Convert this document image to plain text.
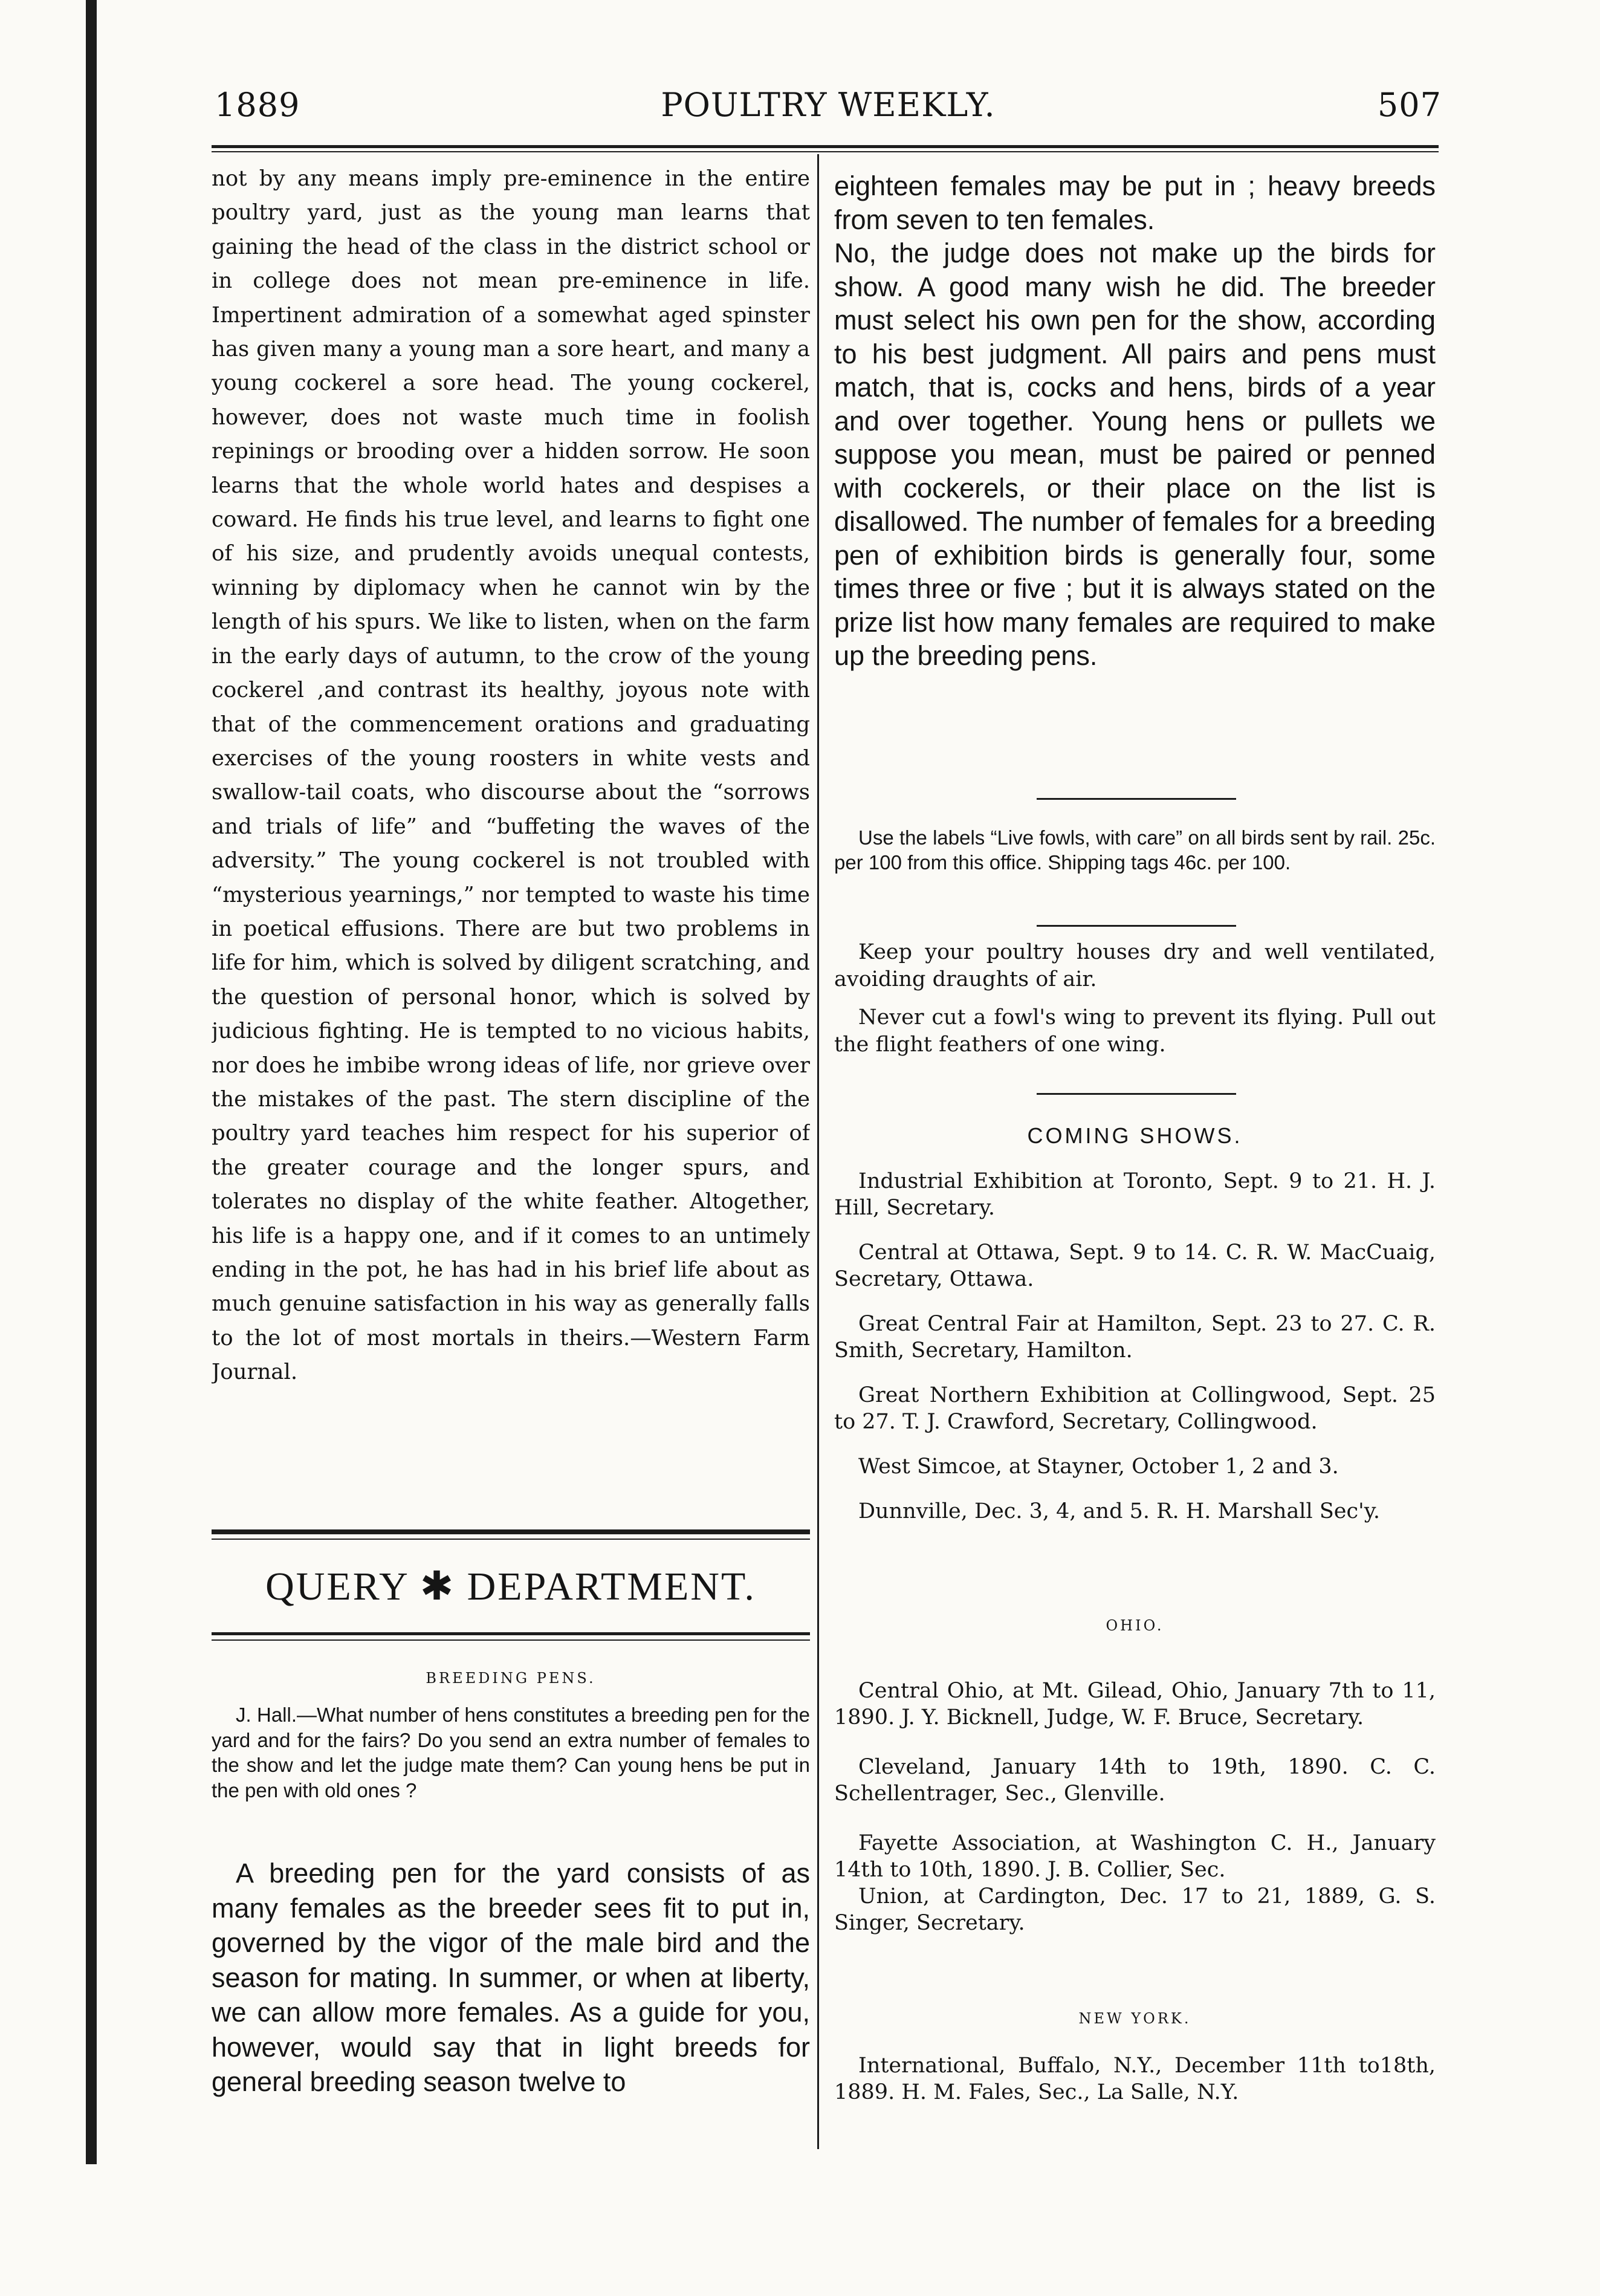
1889	POULTRY WEEKLY.	507

not by any means imply pre-eminence in the entire poultry yard, just as the young man learns that gaining the head of the class in the district school or in college does not mean pre-eminence in life. Impertinent admiration of a somewhat aged spinster has given many a young man a sore heart, and many a young cockerel a sore head. The young cockerel, however, does not waste much time in foolish repinings or brooding over a hidden sorrow. He soon learns that the whole world hates and despises a coward. He finds his true level, and learns to fight one of his size, and prudently avoids unequal contests, winning by diplomacy when he cannot win by the length of his spurs. We like to listen, when on the farm in the early days of autumn, to the crow of the young cockerel ,and contrast its healthy, joyous note with that of the commencement orations and graduating exercises of the young roosters in white vests and swallow-tail coats, who discourse about the “sorrows and trials of life” and “buffeting the waves of the adversity.” The young cockerel is not troubled with “mysterious yearnings,” nor tempted to waste his time in poetical effusions. There are but two problems in life for him, which is solved by diligent scratching, and the question of personal honor, which is solved by judicious fighting. He is tempted to no vicious habits, nor does he imbibe wrong ideas of life, nor grieve over the mistakes of the past. The stern discipline of the poultry yard teaches him respect for his superior of the greater courage and the longer spurs, and tolerates no display of the white feather. Altogether, his life is a happy one, and if it comes to an untimely ending in the pot, he has had in his brief life about as much genuine satisfaction in his way as generally falls to the lot of most mortals in theirs.—Western Farm Journal.

QUERY ✱ DEPARTMENT.
BREEDING PENS.

J. Hall.—What number of hens constitutes a breeding pen for the yard and for the fairs? Do you send an extra number of females to the show and let the judge mate them? Can young hens be put in the pen with old ones ?

A breeding pen for the yard consists of as many females as the breeder sees fit to put in, governed by the vigor of the male bird and the season for mating. In summer, or when at liberty, we can allow more females. As a guide for you, however, would say that in light breeds for general breeding season twelve to

eighteen females may be put in ; heavy breeds from seven to ten females.

No, the judge does not make up the birds for show. A good many wish he did. The breeder must select his own pen for the show, according to his best judgment. All pairs and pens must match, that is, cocks and hens, birds of a year and over together. Young hens or pullets we suppose you mean, must be paired or penned with cockerels, or their place on the list is disallowed. The number of females for a breeding pen of exhibition birds is generally four, some times three or five ; but it is always stated on the prize list how many females are required to make up the breeding pens.

Use the labels “Live fowls, with care” on all birds sent by rail. 25c. per 100 from this office. Shipping tags 46c. per 100.

Keep your poultry houses dry and well ventilated, avoiding draughts of air.

Never cut a fowl's wing to prevent its flying. Pull out the flight feathers of one wing.

COMING SHOWS.

Industrial Exhibition at Toronto, Sept. 9 to 21. H. J. Hill, Secretary.

Central at Ottawa, Sept. 9 to 14. C. R. W. MacCuaig, Secretary, Ottawa.

Great Central Fair at Hamilton, Sept. 23 to 27. C. R. Smith, Secretary, Hamilton.

Great Northern Exhibition at Collingwood, Sept. 25 to 27. T. J. Crawford, Secretary, Collingwood.

West Simcoe, at Stayner, October 1, 2 and 3.

Dunnville, Dec. 3, 4, and 5. R. H. Marshall Sec'y.

OHIO.

Central Ohio, at Mt. Gilead, Ohio, January 7th to 11, 1890. J. Y. Bicknell, Judge, W. F. Bruce, Secretary.

Cleveland, January 14th to 19th, 1890. C. C. Schellentrager, Sec., Glenville.

Fayette Association, at Washington C. H., January 14th to 10th, 1890. J. B. Collier, Sec.

Union, at Cardington, Dec. 17 to 21, 1889, G. S. Singer, Secretary.

NEW YORK.

International, Buffalo, N.Y., December 11th to18th, 1889. H. M. Fales, Sec., La Salle, N.Y.
